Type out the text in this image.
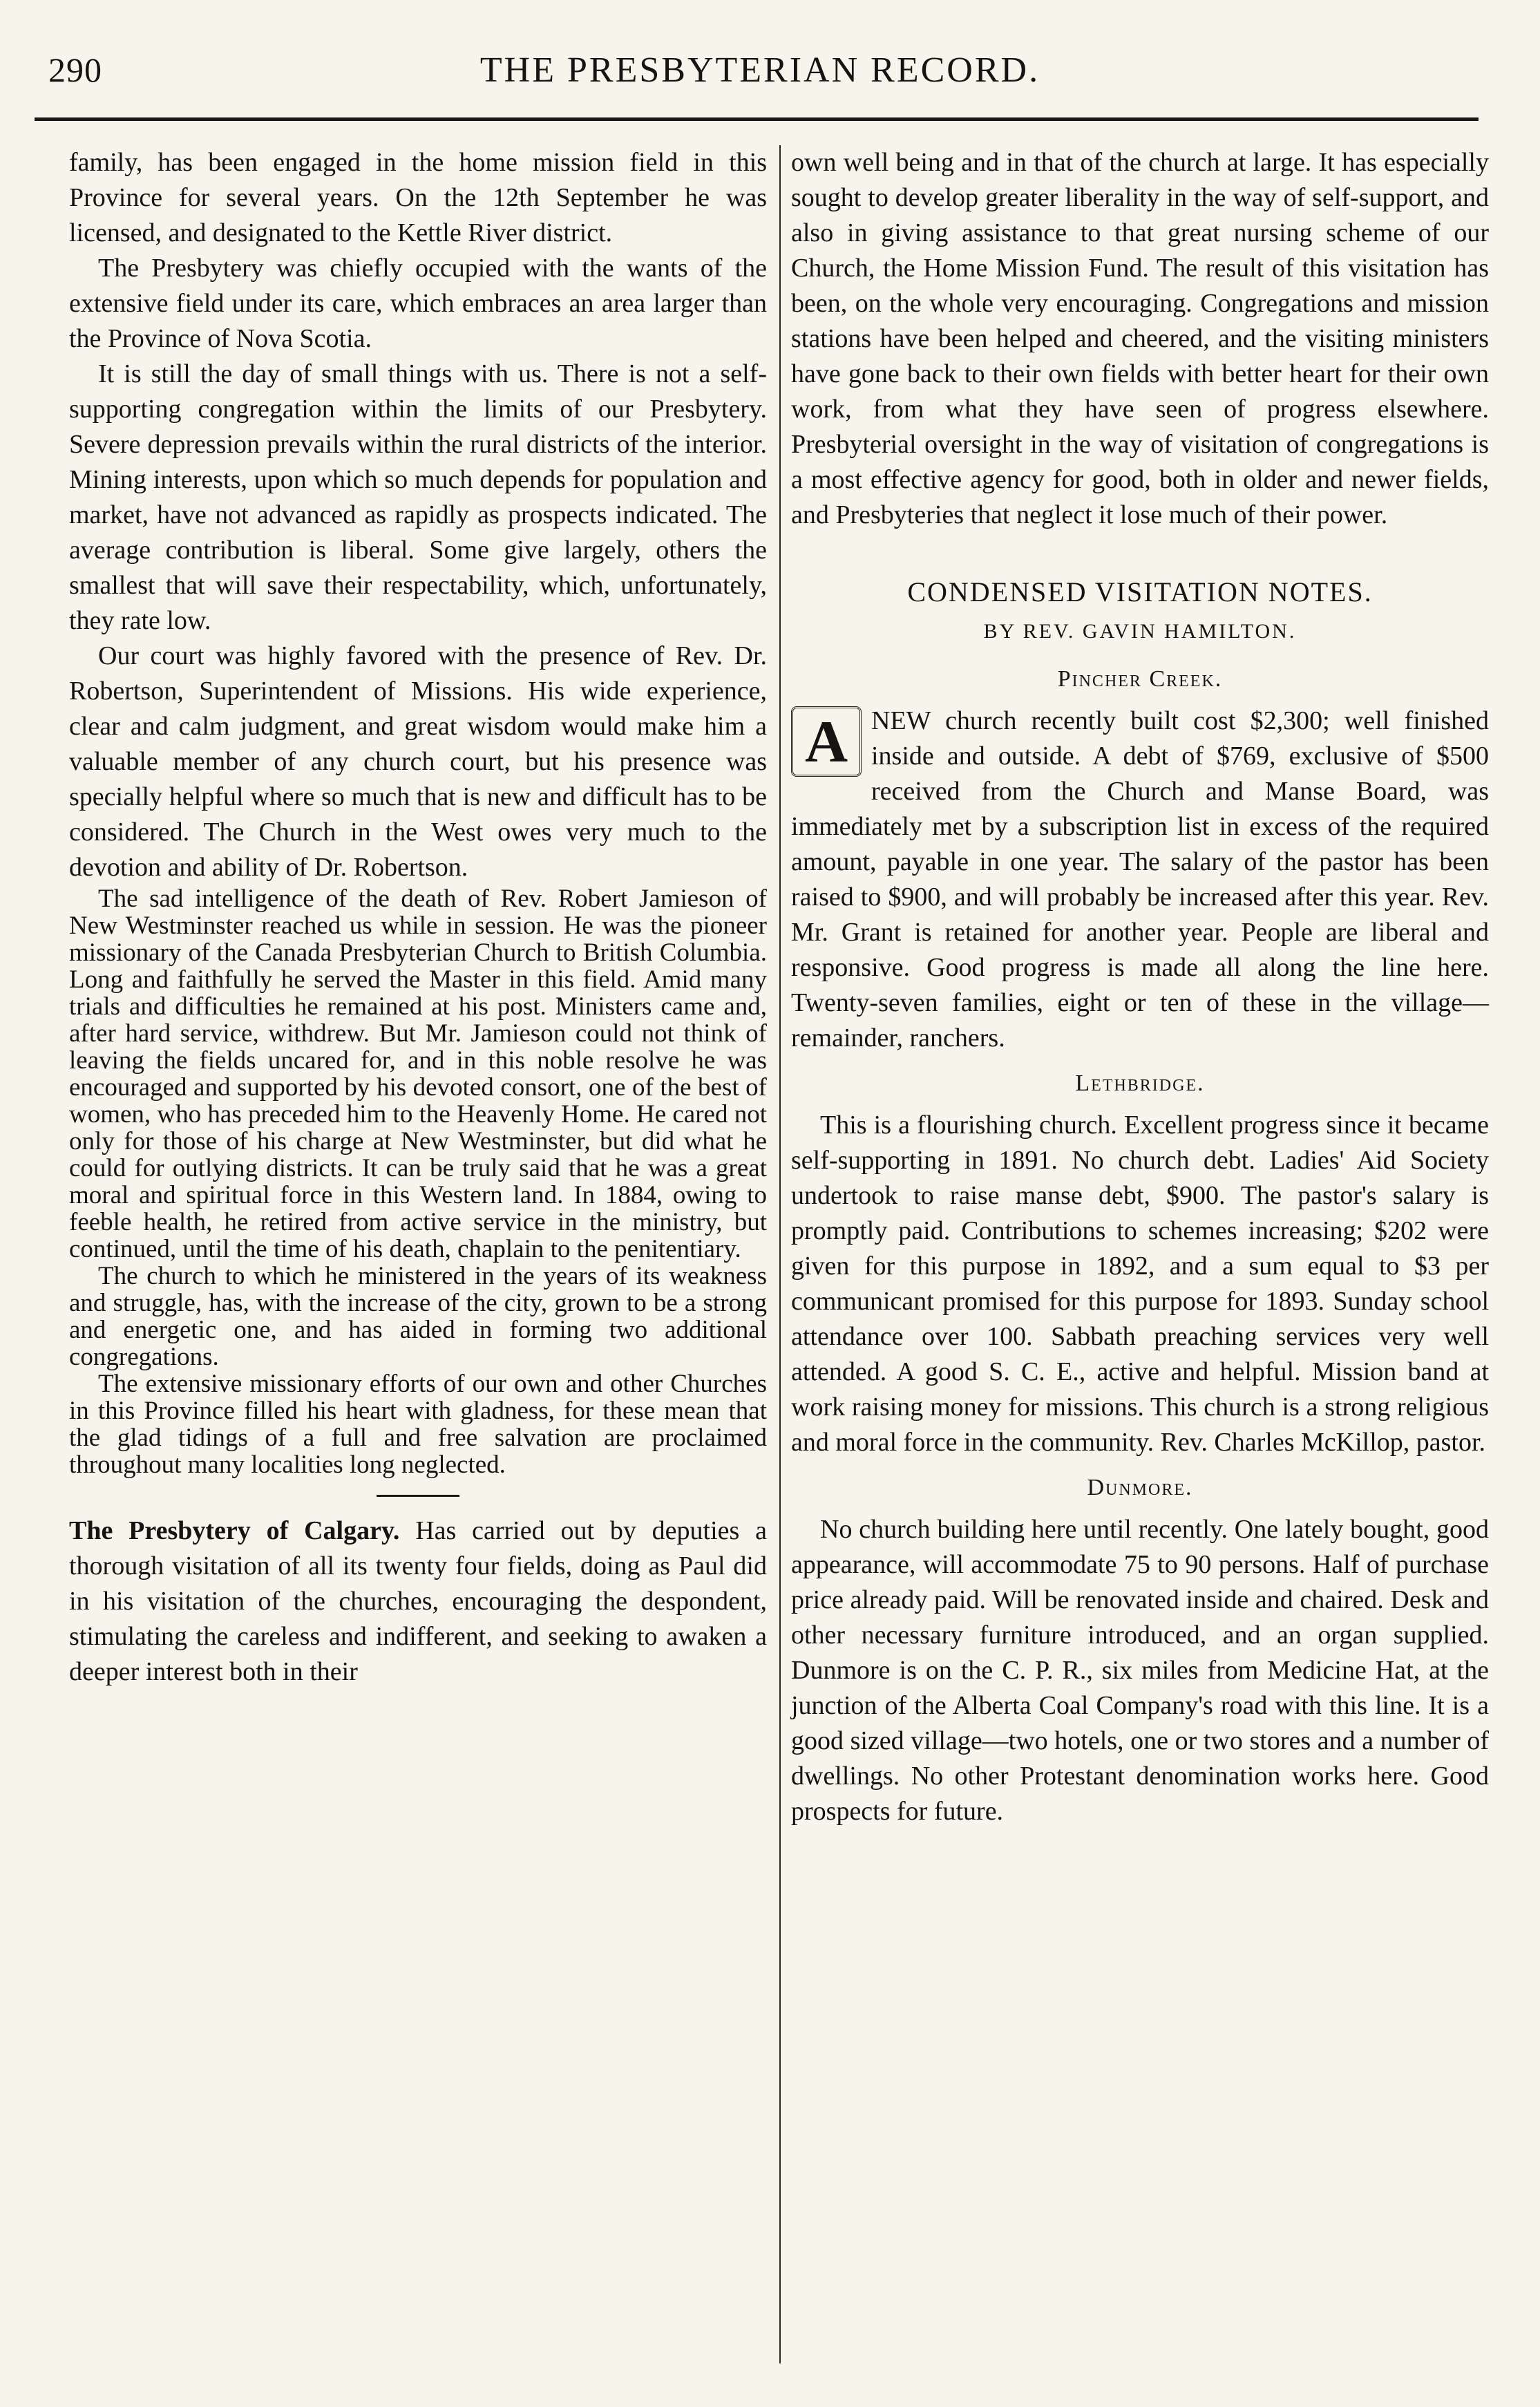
290	THE PRESBYTERIAN RECORD.

family, has been engaged in the home mission field in this Province for several years. On the 12th September he was licensed, and designated to the Kettle River district.

The Presbytery was chiefly occupied with the wants of the extensive field under its care, which embraces an area larger than the Province of Nova Scotia.

It is still the day of small things with us. There is not a self-supporting congregation within the limits of our Presbytery. Severe depression prevails within the rural districts of the interior. Mining interests, upon which so much depends for population and market, have not advanced as rapidly as prospects indicated. The average contribution is liberal. Some give largely, others the smallest that will save their respectability, which, unfortunately, they rate low.

Our court was highly favored with the presence of Rev. Dr. Robertson, Superintendent of Missions. His wide experience, clear and calm judgment, and great wisdom would make him a valuable member of any church court, but his presence was specially helpful where so much that is new and difficult has to be considered. The Church in the West owes very much to the devotion and ability of Dr. Robertson.

The sad intelligence of the death of Rev. Robert Jamieson of New Westminster reached us while in session. He was the pioneer missionary of the Canada Presbyterian Church to British Columbia. Long and faithfully he served the Master in this field. Amid many trials and difficulties he remained at his post. Ministers came and, after hard service, withdrew. But Mr. Jamieson could not think of leaving the fields uncared for, and in this noble resolve he was encouraged and supported by his devoted consort, one of the best of women, who has preceded him to the Heavenly Home. He cared not only for those of his charge at New Westminster, but did what he could for outlying districts. It can be truly said that he was a great moral and spiritual force in this Western land. In 1884, owing to feeble health, he retired from active service in the ministry, but continued, until the time of his death, chaplain to the penitentiary.

The church to which he ministered in the years of its weakness and struggle, has, with the increase of the city, grown to be a strong and energetic one, and has aided in forming two additional congregations.

The extensive missionary efforts of our own and other Churches in this Province filled his heart with gladness, for these mean that the glad tidings of a full and free salvation are proclaimed throughout many localities long neglected.

The Presbytery of Calgary. Has carried out by deputies a thorough visitation of all its twenty four fields, doing as Paul did in his visitation of the churches, encouraging the despondent, stimulating the careless and indifferent, and seeking to awaken a deeper interest both in their

own well being and in that of the church at large. It has especially sought to develop greater liberality in the way of self-support, and also in giving assistance to that great nursing scheme of our Church, the Home Mission Fund. The result of this visitation has been, on the whole very encouraging. Congregations and mission stations have been helped and cheered, and the visiting ministers have gone back to their own fields with better heart for their own work, from what they have seen of progress elsewhere. Presbyterial oversight in the way of visitation of congregations is a most effective agency for good, both in older and newer fields, and Presbyteries that neglect it lose much of their power.

CONDENSED VISITATION NOTES.
BY REV. GAVIN HAMILTON.
Pincher Creek.

A NEW church recently built cost $2,300; well finished inside and outside. A debt of $769, exclusive of $500 received from the Church and Manse Board, was immediately met by a subscription list in excess of the required amount, payable in one year. The salary of the pastor has been raised to $900, and will probably be increased after this year. Rev. Mr. Grant is retained for another year. People are liberal and responsive. Good progress is made all along the line here. Twenty-seven families, eight or ten of these in the village—remainder, ranchers.

Lethbridge.

This is a flourishing church. Excellent progress since it became self-supporting in 1891. No church debt. Ladies' Aid Society undertook to raise manse debt, $900. The pastor's salary is promptly paid. Contributions to schemes increasing; $202 were given for this purpose in 1892, and a sum equal to $3 per communicant promised for this purpose for 1893. Sunday school attendance over 100. Sabbath preaching services very well attended. A good S. C. E., active and helpful. Mission band at work raising money for missions. This church is a strong religious and moral force in the community. Rev. Charles McKillop, pastor.

Dunmore.

No church building here until recently. One lately bought, good appearance, will accommodate 75 to 90 persons. Half of purchase price already paid. Will be renovated inside and chaired. Desk and other necessary furniture introduced, and an organ supplied. Dunmore is on the C. P. R., six miles from Medicine Hat, at the junction of the Alberta Coal Company's road with this line. It is a good sized village—two hotels, one or two stores and a number of dwellings. No other Protestant denomination works here. Good prospects for future.
